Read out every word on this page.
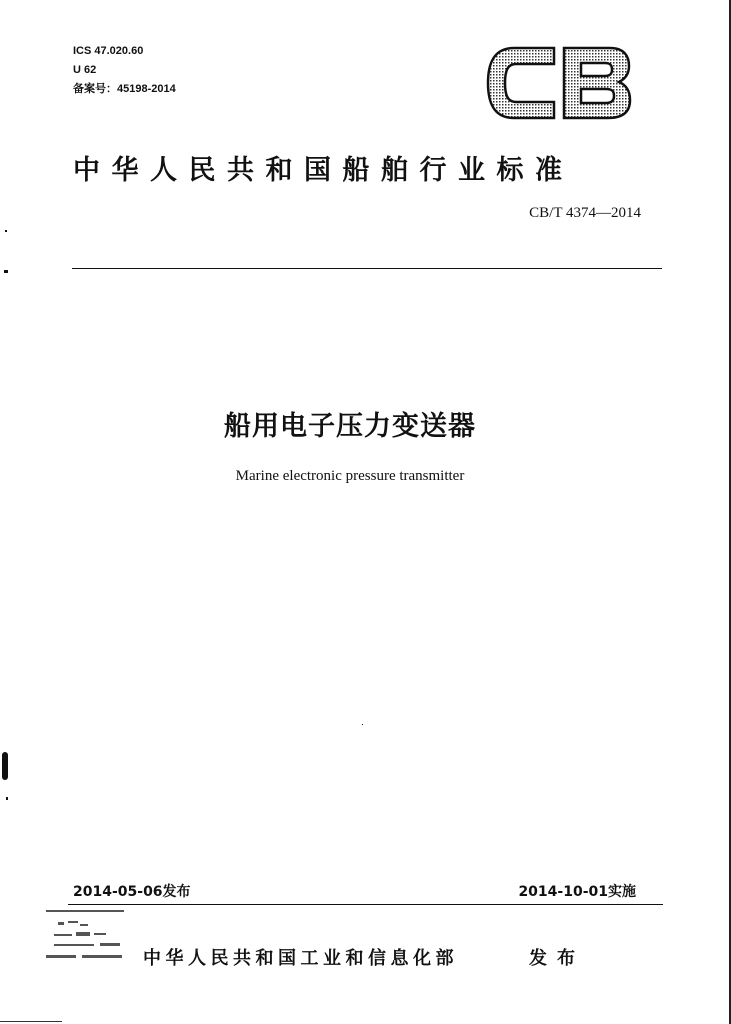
ICS 47.020.60
U 62
备案号：45198-2014
中华人民共和国船舶行业标准
CB/T 4374—2014
船用电子压力变送器
Marine electronic pressure transmitter
2014-05-06发布	2014-10-01实施
中华人民共和国工业和信息化部	发布
